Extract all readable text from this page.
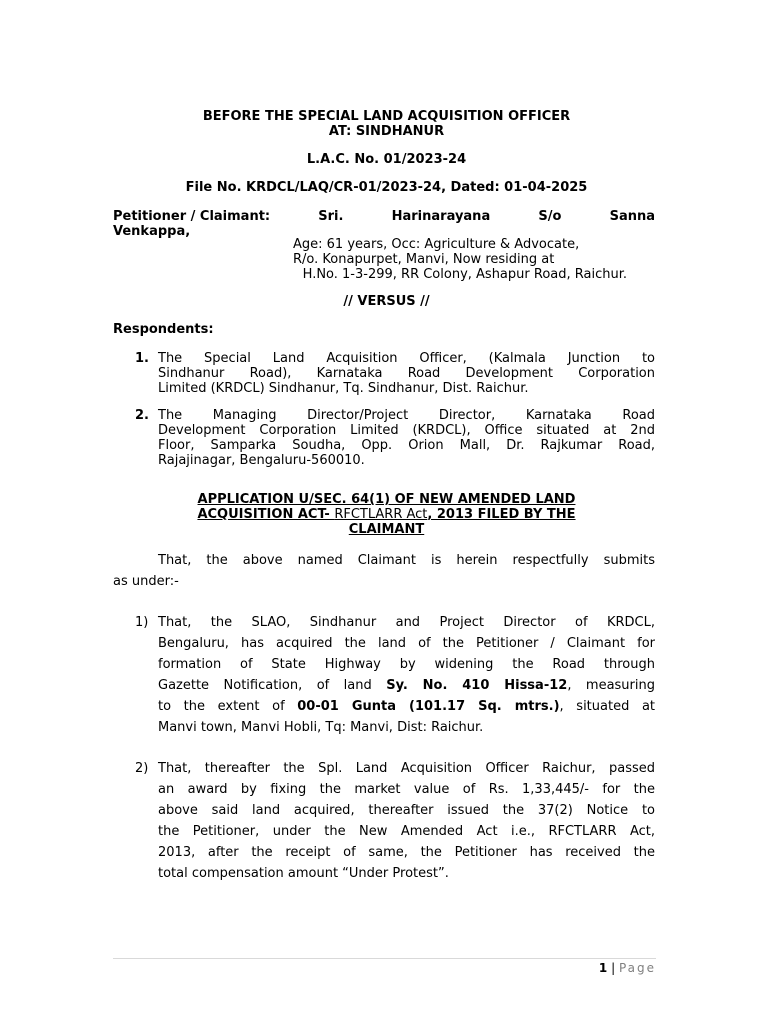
BEFORE THE SPECIAL LAND ACQUISITION OFFICER
AT: SINDHANUR
L.A.C. No. 01/2023-24
File No. KRDCL/LAQ/CR-01/2023-24, Dated: 01-04-2025
Petitioner / Claimant:	Sri.	Harinarayana	S/o	Sanna
Venkappa,
Age: 61 years, Occ: Agriculture & Advocate,
R/o. Konapurpet, Manvi, Now residing at
H.No. 1-3-299, RR Colony, Ashapur Road, Raichur.
// VERSUS //
Respondents:
1. The Special Land Acquisition Officer, (Kalmala Junction to
Sindhanur Road), Karnataka Road Development Corporation
Limited (KRDCL) Sindhanur, Tq. Sindhanur, Dist. Raichur.
2. The Managing Director/Project Director, Karnataka Road
Development Corporation Limited (KRDCL), Office situated at 2nd
Floor, Samparka Soudha, Opp. Orion Mall, Dr. Rajkumar Road,
Rajajinagar, Bengaluru-560010.
APPLICATION U/SEC. 64(1) OF NEW AMENDED LAND
ACQUISITION ACT- RFCTLARR Act, 2013 FILED BY THE
CLAIMANT
That, the above named Claimant is herein respectfully submits
as under:-
1) That, the SLAO, Sindhanur and Project Director of KRDCL,
Bengaluru, has acquired the land of the Petitioner / Claimant for
formation of State Highway by widening the Road through
Gazette Notification, of land Sy. No. 410 Hissa-12, measuring
to the extent of 00-01 Gunta (101.17 Sq. mtrs.), situated at
Manvi town, Manvi Hobli, Tq: Manvi, Dist: Raichur.
2) That, thereafter the Spl. Land Acquisition Officer Raichur, passed
an award by fixing the market value of Rs. 1,33,445/- for the
above said land acquired, thereafter issued the 37(2) Notice to
the Petitioner, under the New Amended Act i.e., RFCTLARR Act,
2013, after the receipt of same, the Petitioner has received the
total compensation amount “Under Protest”.
1 | Page
